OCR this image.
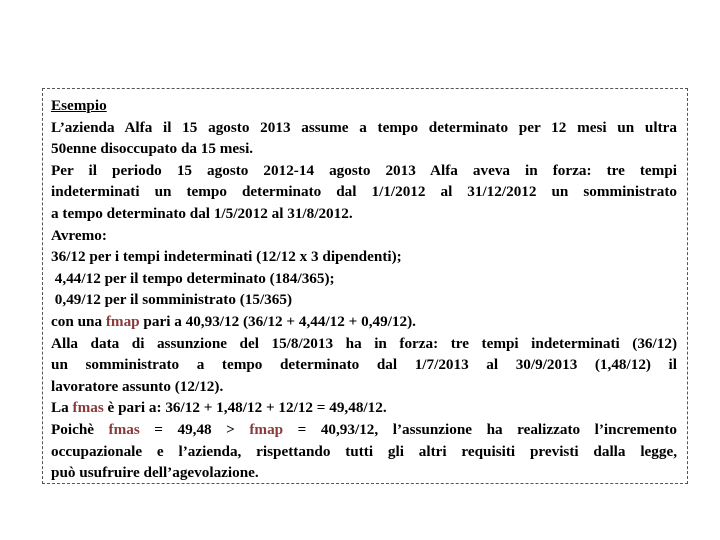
Esempio
L’azienda Alfa il 15 agosto 2013 assume a tempo determinato per 12 mesi un ultra
50enne disoccupato da 15 mesi.
Per il periodo 15 agosto 2012-14 agosto 2013 Alfa aveva in forza: tre tempi
indeterminati un tempo determinato dal 1/1/2012 al 31/12/2012 un somministrato
a tempo determinato dal 1/5/2012 al 31/8/2012.
Avremo:
36/12 per i tempi indeterminati (12/12 x 3 dipendenti);
4,44/12 per il tempo determinato (184/365);
0,49/12 per il somministrato (15/365)
con una fmap pari a 40,93/12 (36/12 + 4,44/12 + 0,49/12).
Alla data di assunzione del 15/8/2013 ha in forza: tre tempi indeterminati (36/12)
un somministrato a tempo determinato dal 1/7/2013 al 30/9/2013 (1,48/12) il
lavoratore assunto (12/12).
La fmas è pari a: 36/12 + 1,48/12 + 12/12 = 49,48/12.
Poichè fmas = 49,48 > fmap = 40,93/12, l’assunzione ha realizzato l’incremento
occupazionale e l’azienda, rispettando tutti gli altri requisiti previsti dalla legge,
può usufruire dell’agevolazione.
